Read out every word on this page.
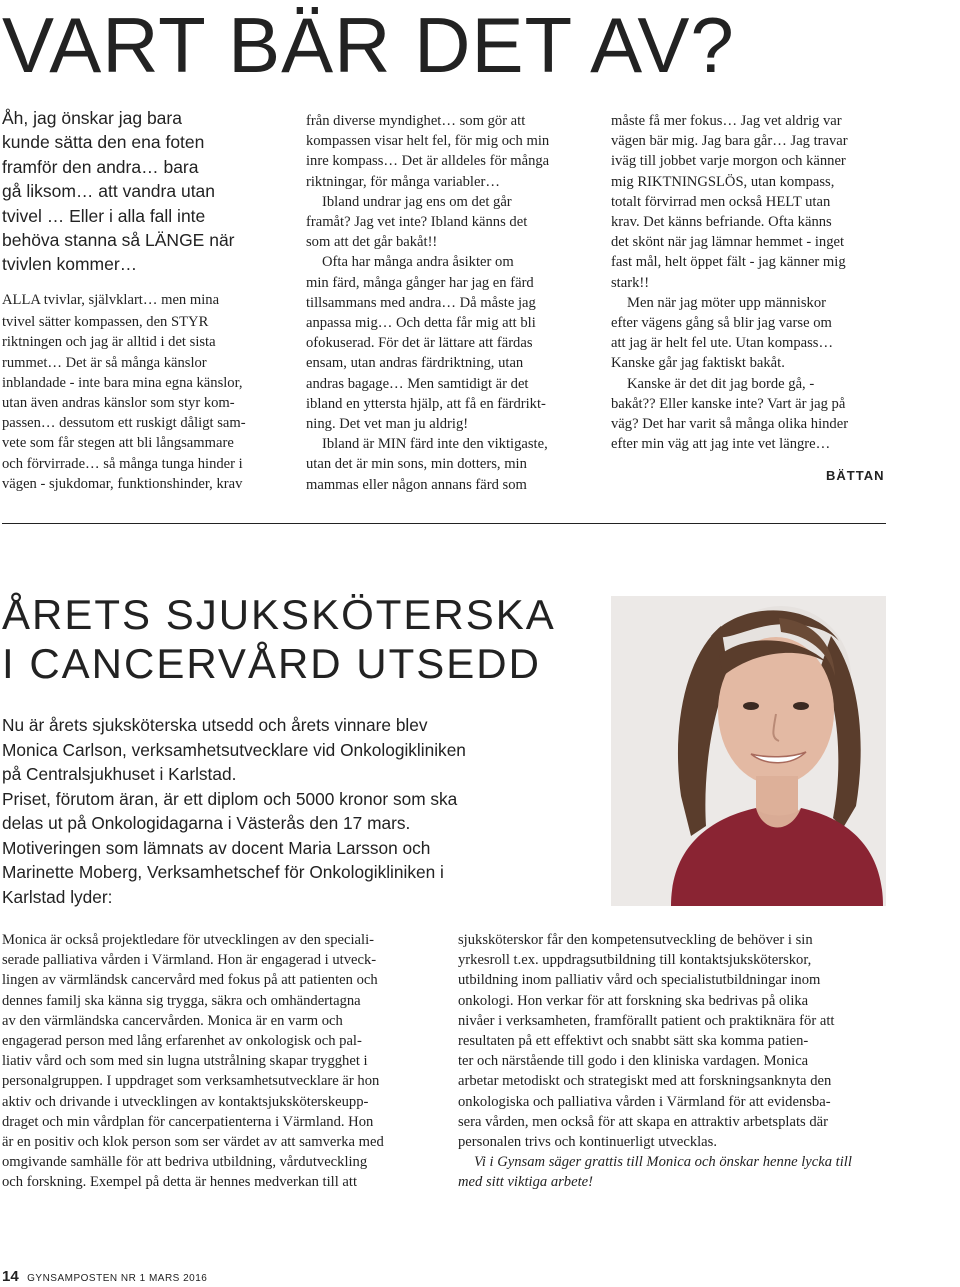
VART BÄR DET AV?
Åh, jag önskar jag bara
kunde sätta den ena foten
framför den andra… bara
gå liksom… att vandra utan
tvivel … Eller i alla fall inte
behöva stanna så LÄNGE när
tvivlen kommer…
ALLA tvivlar, självklart… men mina
tvivel sätter kompassen, den STYR
riktningen och jag är alltid i det sista
rummet… Det är så många känslor
inblandade - inte bara mina egna känslor,
utan även andras känslor som styr kom-
passen… dessutom ett ruskigt dåligt sam-
vete som får stegen att bli långsammare
och förvirrade… så många tunga hinder i
vägen - sjukdomar, funktionshinder, krav
från diverse myndighet… som gör att
kompassen visar helt fel, för mig och min
inre kompass… Det är alldeles för många
riktningar, för många variabler…
Ibland undrar jag ens om det går
framåt? Jag vet inte? Ibland känns det
som att det går bakåt!!
Ofta har många andra åsikter om
min färd, många gånger har jag en färd
tillsammans med andra… Då måste jag
anpassa mig… Och detta får mig att bli
ofokuserad. För det är lättare att färdas
ensam, utan andras färdriktning, utan
andras bagage… Men samtidigt är det
ibland en yttersta hjälp, att få en färdrikt-
ning. Det vet man ju aldrig!
Ibland är MIN färd inte den viktigaste,
utan det är min sons, min dotters, min
mammas eller någon annans färd som
måste få mer fokus… Jag vet aldrig var
vägen bär mig. Jag bara går… Jag travar
iväg till jobbet varje morgon och känner
mig RIKTNINGSLÖS, utan kompass,
totalt förvirrad men också HELT utan
krav. Det känns befriande. Ofta känns
det skönt när jag lämnar hemmet - inget
fast mål, helt öppet fält - jag känner mig
stark!!
Men när jag möter upp människor
efter vägens gång så blir jag varse om
att jag är helt fel ute. Utan kompass…
Kanske går jag faktiskt bakåt.
Kanske är det dit jag borde gå, -
bakåt?? Eller kanske inte? Vart är jag på
väg? Det har varit så många olika hinder
efter min väg att jag inte vet längre…
BÄTTAN
ÅRETS SJUKSKÖTERSKA
I CANCERVÅRD UTSEDD
Nu är årets sjuksköterska utsedd och årets vinnare blev
Monica Carlson, verksamhetsutvecklare vid Onkologikliniken
på Centralsjukhuset i Karlstad.
Priset, förutom äran, är ett diplom och 5000 kronor som ska
delas ut på Onkologidagarna i Västerås den 17 mars.
Motiveringen som lämnats av docent Maria Larsson och
Marinette Moberg, Verksamhetschef för Onkologikliniken i
Karlstad lyder:
Monica är också projektledare för utvecklingen av den speciali-
serade palliativa vården i Värmland. Hon är engagerad i utveck-
lingen av värmländsk cancervård med fokus på att patienten och
dennes familj ska känna sig trygga, säkra och omhändertagna
av den värmländska cancervården. Monica är en varm och
engagerad person med lång erfarenhet av onkologisk och pal-
liativ vård och som med sin lugna utstrålning skapar trygghet i
personalgruppen. I uppdraget som verksamhetsutvecklare är hon
aktiv och drivande i utvecklingen av kontaktsjuksköterskeupp-
draget och min vårdplan för cancerpatienterna i Värmland. Hon
är en positiv och klok person som ser värdet av att samverka med
omgivande samhälle för att bedriva utbildning, vårdutveckling
och forskning. Exempel på detta är hennes medverkan till att
sjuksköterskor får den kompetensutveckling de behöver i sin
yrkesroll t.ex. uppdragsutbildning till kontaktsjuksköterskor,
utbildning inom palliativ vård och specialistutbildningar inom
onkologi. Hon verkar för att forskning ska bedrivas på olika
nivåer i verksamheten, framförallt patient och praktiknära för att
resultaten på ett effektivt och snabbt sätt ska komma patien-
ter och närstående till godo i den kliniska vardagen. Monica
arbetar metodiskt och strategiskt med att forskningsanknyta den
onkologiska och palliativa vården i Värmland för att evidensba-
sera vården, men också för att skapa en attraktiv arbetsplats där
personalen trivs och kontinuerligt utvecklas.
Vi i Gynsam säger grattis till Monica och önskar henne lycka till
med sitt viktiga arbete!
14 GYNSAMPOSTEN NR 1 MARS 2016
